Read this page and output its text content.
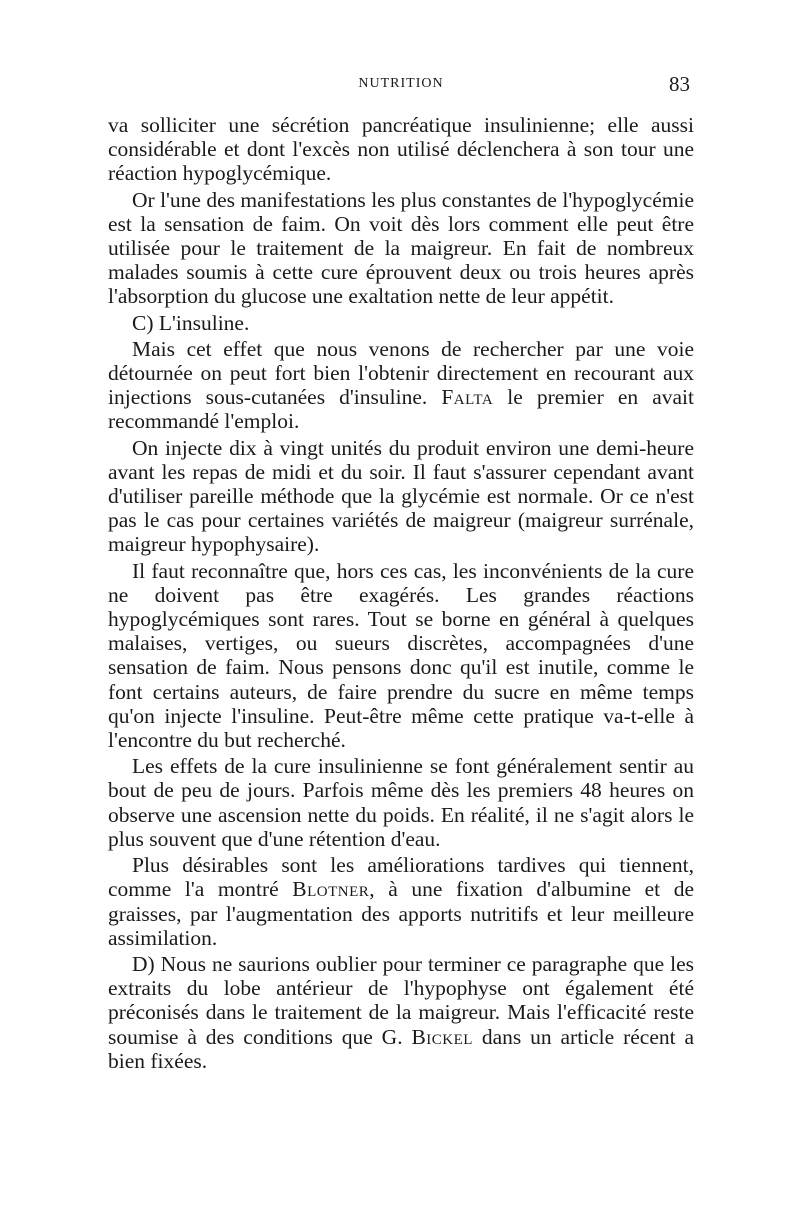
NUTRITION	83

va solliciter une sécrétion pancréatique insulinienne; elle aussi considérable et dont l'excès non utilisé déclenchera à son tour une réaction hypoglycémique.

Or l'une des manifestations les plus constantes de l'hypoglycémie est la sensation de faim. On voit dès lors comment elle peut être utilisée pour le traitement de la maigreur. En fait de nombreux malades soumis à cette cure éprouvent deux ou trois heures après l'absorption du glucose une exaltation nette de leur appétit.

C) L'insuline.

Mais cet effet que nous venons de rechercher par une voie détournée on peut fort bien l'obtenir directement en recourant aux injections sous-cutanées d'insuline. Falta le premier en avait recommandé l'emploi.

On injecte dix à vingt unités du produit environ une demi-heure avant les repas de midi et du soir. Il faut s'assurer cependant avant d'utiliser pareille méthode que la glycémie est normale. Or ce n'est pas le cas pour certaines variétés de maigreur (maigreur surrénale, maigreur hypophysaire).

Il faut reconnaître que, hors ces cas, les inconvénients de la cure ne doivent pas être exagérés. Les grandes réactions hypoglycémiques sont rares. Tout se borne en général à quelques malaises, vertiges, ou sueurs discrètes, accompagnées d'une sensation de faim. Nous pensons donc qu'il est inutile, comme le font certains auteurs, de faire prendre du sucre en même temps qu'on injecte l'insuline. Peut-être même cette pratique va-t-elle à l'encontre du but recherché.

Les effets de la cure insulinienne se font généralement sentir au bout de peu de jours. Parfois même dès les premiers 48 heures on observe une ascension nette du poids. En réalité, il ne s'agit alors le plus souvent que d'une rétention d'eau.

Plus désirables sont les améliorations tardives qui tiennent, comme l'a montré Blotner, à une fixation d'albumine et de graisses, par l'augmentation des apports nutritifs et leur meilleure assimilation.

D) Nous ne saurions oublier pour terminer ce paragraphe que les extraits du lobe antérieur de l'hypophyse ont également été préconisés dans le traitement de la maigreur. Mais l'efficacité reste soumise à des conditions que G. Bickel dans un article récent a bien fixées.
